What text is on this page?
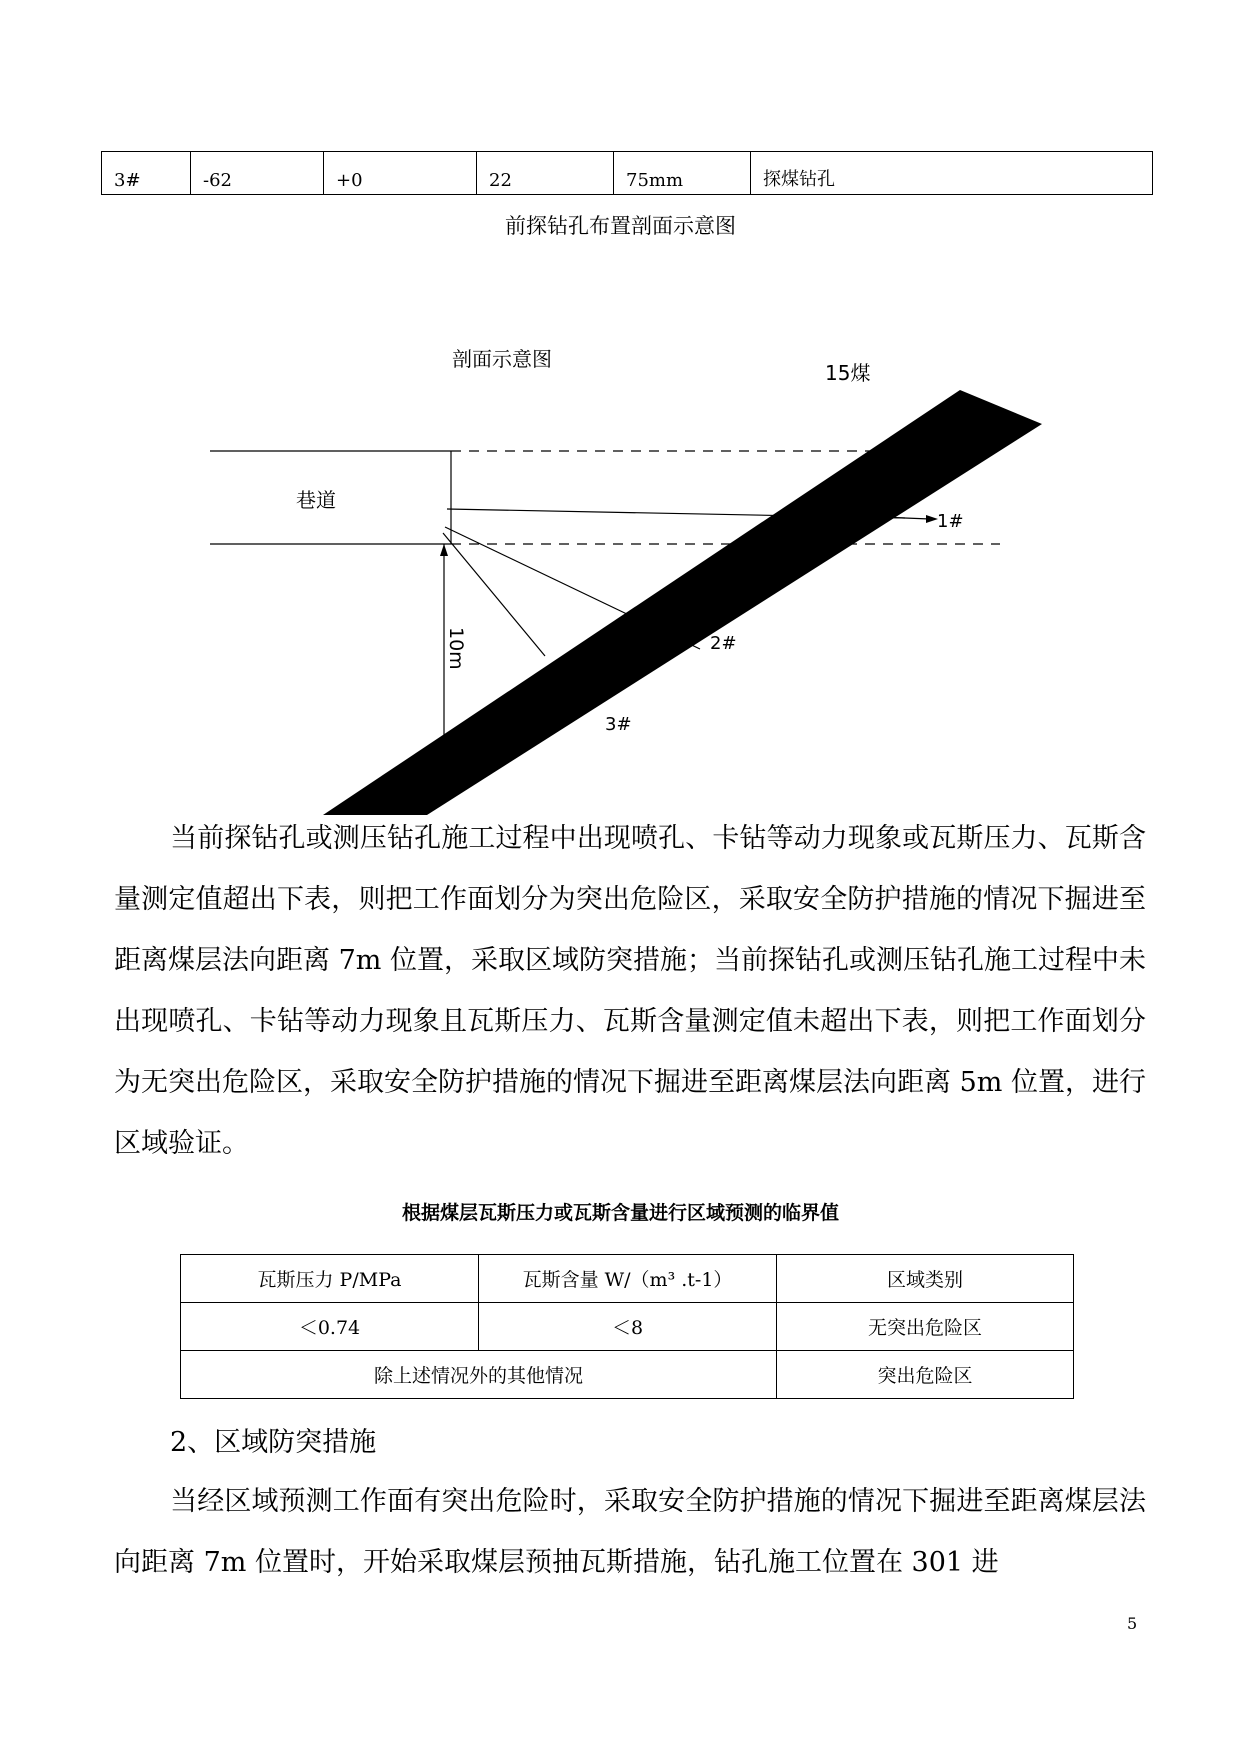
3#	-62	+0	22	75mm	探煤钻孔
前探钻孔布置剖面示意图
剖面示意图
15煤
巷道
1#
2#
3#
10m
当前探钻孔或测压钻孔施工过程中出现喷孔、卡钻等动力现象或瓦斯压力、瓦斯含量测定值超出下表，则把工作面划分为突出危险区，采取安全防护措施的情况下掘进至距离煤层法向距离 7m 位置，采取区域防突措施；当前探钻孔或测压钻孔施工过程中未出现喷孔、卡钻等动力现象且瓦斯压力、瓦斯含量测定值未超出下表，则把工作面划分为无突出危险区，采取安全防护措施的情况下掘进至距离煤层法向距离 5m 位置，进行区域验证。
根据煤层瓦斯压力或瓦斯含量进行区域预测的临界值
瓦斯压力 P/MPa	瓦斯含量 W/（m³ .t-1）	区域类别
＜0.74	＜8	无突出危险区
除上述情况外的其他情况		突出危险区
2、区域防突措施
当经区域预测工作面有突出危险时，采取安全防护措施的情况下掘进至距离煤层法向距离 7m 位置时，开始采取煤层预抽瓦斯措施，钻孔施工位置在 301 进
5
